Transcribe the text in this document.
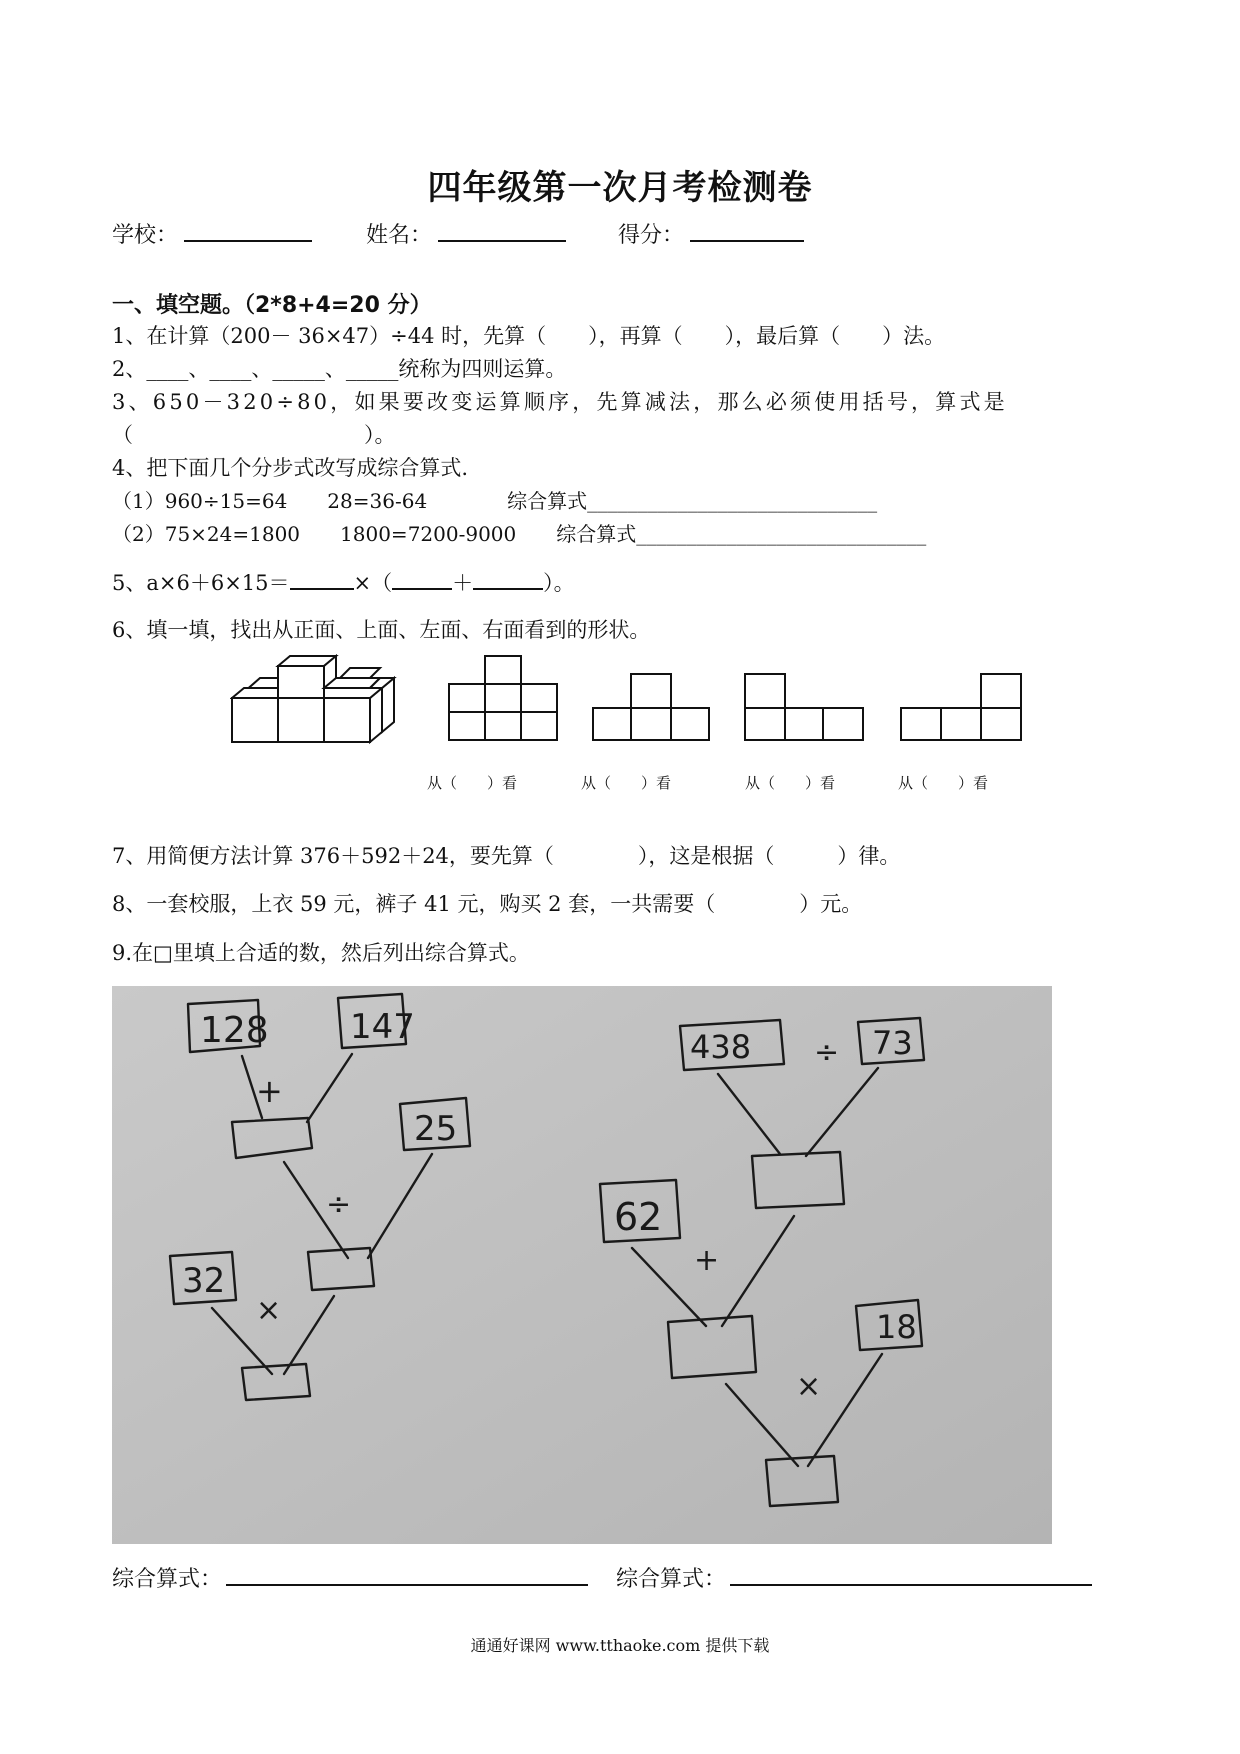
四年级第一次月考检测卷
学校：	姓名：	得分：
一、填空题。（2*8+4=20 分）
1、在计算（200－ 36×47）÷44 时，先算（　　），再算（　　），最后算（　　）法。
2、____、____、_____、_____统称为四则运算。
3、650－320÷80，如果要改变运算顺序，先算减法，那么必须使用括号，算式是
（　　　　　　　　　　　）。
4、把下面几个分步式改写成综合算式.
（1）960÷15=64　　28=36-64　　　　综合算式_____________________________
（2）75×24=1800　　1800=7200-9000　　综合算式_____________________________
5、a×6＋6×15＝	×（	＋	）。
6、填一填，找出从正面、上面、左面、右面看到的形状。
从（　　）看	从（　　）看	从（　　）看	从（　　）看
7、用简便方法计算 376＋592＋24，要先算（　　　　），这是根据（　　　）律。
8、一套校服，上衣 59 元，裤子 41 元，购买 2 套，一共需要（　　　　）元。
9.在□里填上合适的数，然后列出综合算式。
128 147
+
25
÷
32
×
438 ÷ 73
62
+
18
×
综合算式：	综合算式：
通通好课网 www.tthaoke.com 提供下载
